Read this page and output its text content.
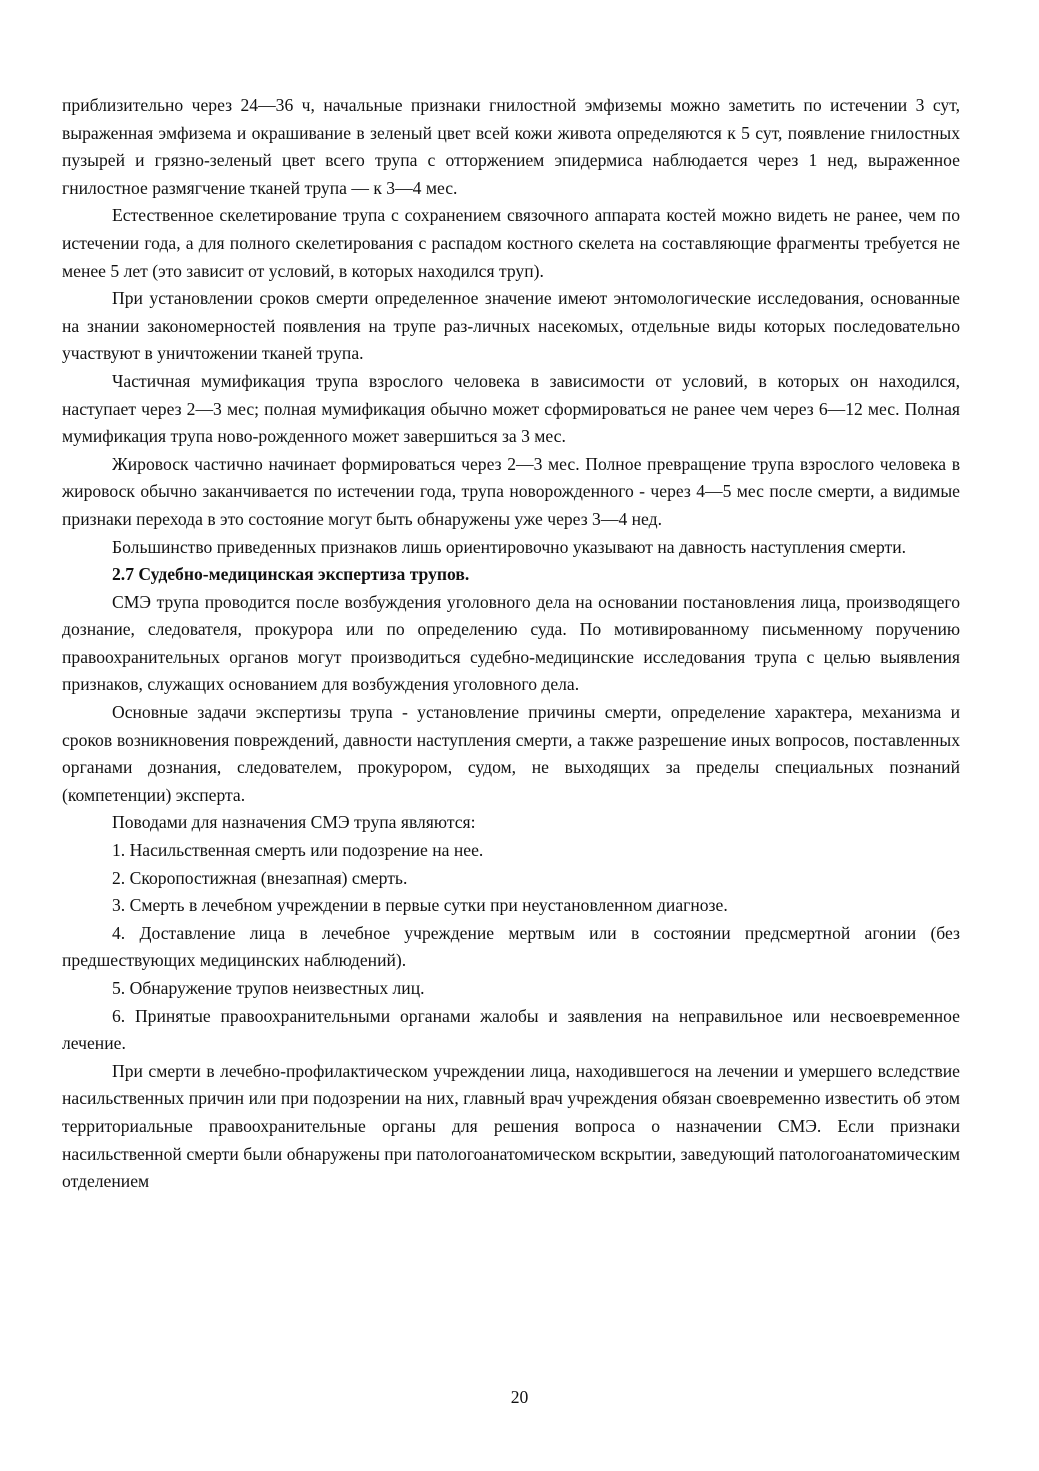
приблизительно через 24—36 ч, начальные признаки гнилостной эмфиземы можно заметить по истечении 3 сут, выраженная эмфизема и окрашивание в зеленый цвет всей кожи живота определяются к 5 сут, появление гнилостных пузырей и грязно-зеленый цвет всего трупа с отторжением эпидермиса наблюдается через 1 нед, выраженное гнилостное размягчение тканей трупа — к 3—4 мес.

Естественное скелетирование трупа с сохранением связочного аппарата костей можно видеть не ранее, чем по истечении года, а для полного скелетирования с распадом костного скелета на составляющие фрагменты требуется не менее 5 лет (это зависит от условий, в которых находился труп).

При установлении сроков смерти определенное значение имеют энтомологические исследования, основанные на знании закономерностей появления на трупе раз-личных насекомых, отдельные виды которых последовательно участвуют в уничтожении тканей трупа.

Частичная мумификация трупа взрослого человека в зависимости от условий, в которых он находился, наступает через 2—3 мес; полная мумификация обычно может сформироваться не ранее чем через 6—12 мес. Полная мумификация трупа ново-рожденного может завершиться за 3 мес.

Жировоск частично начинает формироваться через 2—3 мес. Полное превращение трупа взрослого человека в жировоск обычно заканчивается по истечении года, трупа новорожденного - через 4—5 мес после смерти, а видимые признаки перехода в это состояние могут быть обнаружены уже через 3—4 нед.

Большинство приведенных признаков лишь ориентировочно указывают на давность наступления смерти.

2.7 Судебно-медицинская экспертиза трупов.

СМЭ трупа проводится после возбуждения уголовного дела на основании постановления лица, производящего дознание, следователя, прокурора или по определению суда. По мотивированному письменному поручению правоохранительных органов могут производиться судебно-медицинские исследования трупа с целью выявления признаков, служащих основанием для возбуждения уголовного дела.

Основные задачи экспертизы трупа - установление причины смерти, определение характера, механизма и сроков возникновения повреждений, давности наступления смерти, а также разрешение иных вопросов, поставленных органами дознания, следователем, прокурором, судом, не выходящих за пределы специальных познаний (компетенции) эксперта.

Поводами для назначения СМЭ трупа являются:

1. Насильственная смерть или подозрение на нее.

2. Скоропостижная (внезапная) смерть.

3. Смерть в лечебном учреждении в первые сутки при неустановленном диагнозе.

4. Доставление лица в лечебное учреждение мертвым или в состоянии предсмертной агонии (без предшествующих медицинских наблюдений).

5. Обнаружение трупов неизвестных лиц.

6. Принятые правоохранительными органами жалобы и заявления на неправильное или несвоевременное лечение.

При смерти в лечебно-профилактическом учреждении лица, находившегося на лечении и умершего вследствие насильственных причин или при подозрении на них, главный врач учреждения обязан своевременно известить об этом территориальные правоохранительные органы для решения вопроса о назначении СМЭ. Если признаки насильственной смерти были обнаружены при патологоанатомическом вскрытии, заведующий патологоанатомическим отделением

20
